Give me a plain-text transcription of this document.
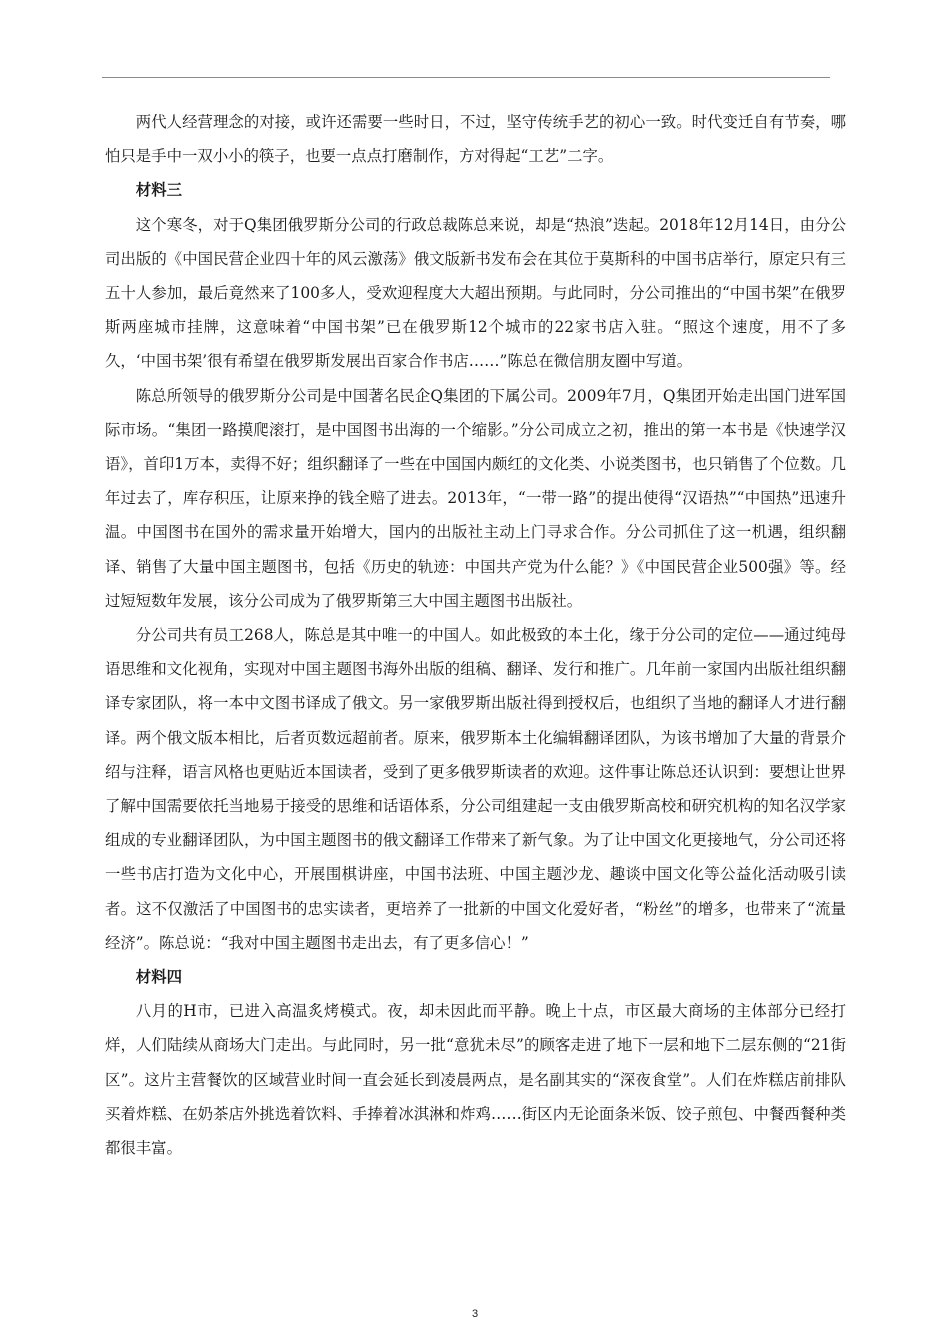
两代人经营理念的对接，或许还需要一些时日，不过，坚守传统手艺的初心一致。时代变迁自有节奏，哪怕只是手中一双小小的筷子，也要一点点打磨制作，方对得起“工艺”二字。

材料三

这个寒冬，对于Q集团俄罗斯分公司的行政总裁陈总来说，却是“热浪”迭起。2018年12月14日，由分公司出版的《中国民营企业四十年的风云激荡》俄文版新书发布会在其位于莫斯科的中国书店举行，原定只有三五十人参加，最后竟然来了100多人，受欢迎程度大大超出预期。与此同时，分公司推出的“中国书架”在俄罗斯两座城市挂牌，这意味着“中国书架”已在俄罗斯12个城市的22家书店入驻。“照这个速度，用不了多久，‘中国书架’很有希望在俄罗斯发展出百家合作书店……”陈总在微信朋友圈中写道。

陈总所领导的俄罗斯分公司是中国著名民企Q集团的下属公司。2009年7月，Q集团开始走出国门进军国际市场。“集团一路摸爬滚打，是中国图书出海的一个缩影。”分公司成立之初，推出的第一本书是《快速学汉语》，首印1万本，卖得不好；组织翻译了一些在中国国内颇红的文化类、小说类图书，也只销售了个位数。几年过去了，库存积压，让原来挣的钱全赔了进去。2013年，“一带一路”的提出使得“汉语热”“中国热”迅速升温。中国图书在国外的需求量开始增大，国内的出版社主动上门寻求合作。分公司抓住了这一机遇，组织翻译、销售了大量中国主题图书，包括《历史的轨迹：中国共产党为什么能？》《中国民营企业500强》等。经过短短数年发展，该分公司成为了俄罗斯第三大中国主题图书出版社。

分公司共有员工268人，陈总是其中唯一的中国人。如此极致的本土化，缘于分公司的定位——通过纯母语思维和文化视角，实现对中国主题图书海外出版的组稿、翻译、发行和推广。几年前一家国内出版社组织翻译专家团队，将一本中文图书译成了俄文。另一家俄罗斯出版社得到授权后，也组织了当地的翻译人才进行翻译。两个俄文版本相比，后者页数远超前者。原来，俄罗斯本土化编辑翻译团队，为该书增加了大量的背景介绍与注释，语言风格也更贴近本国读者，受到了更多俄罗斯读者的欢迎。这件事让陈总还认识到：要想让世界了解中国需要依托当地易于接受的思维和话语体系，分公司组建起一支由俄罗斯高校和研究机构的知名汉学家组成的专业翻译团队，为中国主题图书的俄文翻译工作带来了新气象。为了让中国文化更接地气，分公司还将一些书店打造为文化中心，开展围棋讲座，中国书法班、中国主题沙龙、趣谈中国文化等公益化活动吸引读者。这不仅激活了中国图书的忠实读者，更培养了一批新的中国文化爱好者，“粉丝”的增多，也带来了“流量经济”。陈总说：“我对中国主题图书走出去，有了更多信心！”

材料四

八月的H市，已进入高温炙烤模式。夜，却未因此而平静。晚上十点，市区最大商场的主体部分已经打烊，人们陆续从商场大门走出。与此同时，另一批“意犹未尽”的顾客走进了地下一层和地下二层东侧的“21街区”。这片主营餐饮的区域营业时间一直会延长到凌晨两点，是名副其实的“深夜食堂”。人们在炸糕店前排队买着炸糕、在奶茶店外挑选着饮料、手捧着冰淇淋和炸鸡……街区内无论面条米饭、饺子煎包、中餐西餐种类都很丰富。

3
